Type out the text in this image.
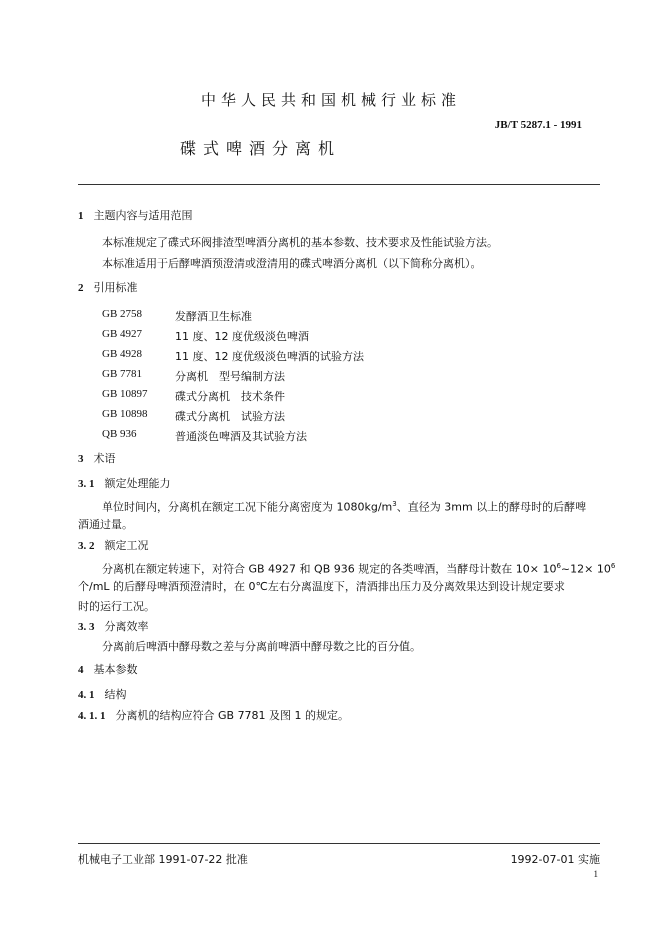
中华人民共和国机械行业标准
JB/T 5287.1 - 1991
碟式啤酒分离机
1 主题内容与适用范围
本标准规定了碟式环阀排渣型啤酒分离机的基本参数、技术要求及性能试验方法。
本标准适用于后酵啤酒预澄清或澄清用的碟式啤酒分离机（以下简称分离机）。
2 引用标准
GB 2758	发酵酒卫生标准
GB 4927	11 度、12 度优级淡色啤酒
GB 4928	11 度、12 度优级淡色啤酒的试验方法
GB 7781	分离机　型号编制方法
GB 10897 碟式分离机　技术条件
GB 10898 碟式分离机　试验方法
QB 936	普通淡色啤酒及其试验方法
3 术语
3. 1 额定处理能力
单位时间内，分离机在额定工况下能分离密度为 $1080kg/m^3$、直径为 3mm 以上的酵母时的后酵啤
酒通过量。
3. 2 额定工况
分离机在额定转速下，对符合 GB 4927 和 QB 936 规定的各类啤酒，当酵母计数在 $10\times 10^6\sim 12\times 10^6$
个/mL 的后酵母啤酒预澄清时，在 0℃左右分离温度下，清酒排出压力及分离效果达到设计规定要求
时的运行工况。
3. 3 分离效率
分离前后啤酒中酵母数之差与分离前啤酒中酵母数之比的百分值。
4 基本参数
4. 1 结构
4. 1. 1 分离机的结构应符合 GB 7781 及图 1 的规定。
机械电子工业部 1991-07-22 批准	1992-07-01 实施
1
